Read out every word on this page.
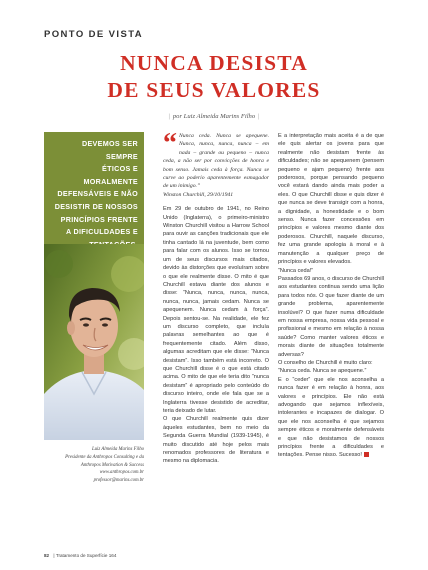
PONTO DE VISTA
NUNCA DESISTA
DE SEUS VALORES
| por Luiz Almeida Marins Filho |

DEVEMOS SER SEMPRE

ÉTICOS E MORALMENTE

DEFENSÁVEIS E NÃO

DESISTIR DE NOSSOS

PRINCÍPIOS FRENTE

A DIFICULDADES E

Luiz Almeida Marins Filho
Presidente da Anthropos Consulting e da
Anthropos Motivation & Success
www.anthropos.com.br
professor@marins.com.br
“ Nunca ceda. Nunca se apequene. Nunca, nunca, nunca, nunca – em nada – grande ou pequeno – nunca ceda, a não ser por convicções de honra e bom senso. Jamais ceda à força. Nunca se curve ao poderio aparentemente esmagador de um inimigo.”
Winston Churchill, 29/10/1941

Em 29 de outubro de 1941, no Reino Unido (Inglaterra), o primeiro-ministro Winston Churchill visitou a Harrow School para ouvir as canções tradicionais que ele tinha cantado lá na juventude, bem como para falar com os alunos. Isso se tornou um de seus discursos mais citados, devido às distorções que evoluíram sobre o que ele realmente disse. O mito é que Churchill estava diante dos alunos e disse: “Nunca, nunca, nunca, nunca, nunca, nunca, jamais cedam. Nunca se apequenem. Nunca cedam à força”. Depois sentou-se. Na realidade, ele fez um discurso completo, que incluía palavras semelhantes ao que é frequentemente citado. Além disso, algumas acreditam que ele disse: “Nunca desistam”. Isso também está incorreto. O que Churchill disse é o que está citado acima. O mito de que ele teria dito “nunca desistam” é apropriado pelo conteúdo do discurso inteiro, onde ele fala que se a Inglaterra tivesse desistido de acreditar, teria deixado de lutar.

O que Churchill realmente quis dizer àqueles estudantes, bem no meio da Segunda Guerra Mundial (1939-1945), é muito discutido até hoje pelos mais renomados professores de literatura e mesmo na diplomacia.

E a interpretação mais aceita é a de que ele quis alertar os jovens para que realmente não desistam frente às dificuldades; não se apequenem (pensem pequeno e ajam pequeno) frente aos poderosos, porque pensando pequeno você estará dando ainda mais poder a eles. O que Churchill disse e quis dizer é que nunca se deve transigir com a honra, a dignidade, a honestidade e o bom senso. Nunca fazer concessões em princípios e valores mesmo diante dos poderosos. Churchill, naquele discurso, fez uma grande apologia à moral e à manutenção a qualquer preço de princípios e valores elevados.

“Nunca ceda!”

Passados 69 anos, o discurso de Churchill aos estudantes continua sendo uma lição para todos nós. O que fazer diante de um grande problema, aparentemente insolúvel? O que fazer numa dificuldade em nossa empresa, nossa vida pessoal e profissional e mesmo em relação à nossa saúde? Como manter valores éticos e morais diante de situações totalmente adversas?

O conselho de Churchill é muito claro:

“Nunca ceda. Nunca se apequene.”

E o “ceder” que ele nos aconselha a nunca fazer é em relação à honra, aos valores e princípios. Ele não está advogando que sejamos inflexíveis, intolerantes e incapazes de dialogar. O que ele nos aconselha é que sejamos sempre éticos e moralmente defensáveis e que não desistamos de nossos princípios frente a dificuldades e tentações. Pense nisso. Sucesso!

82 | Tratamento de Superfície 164
